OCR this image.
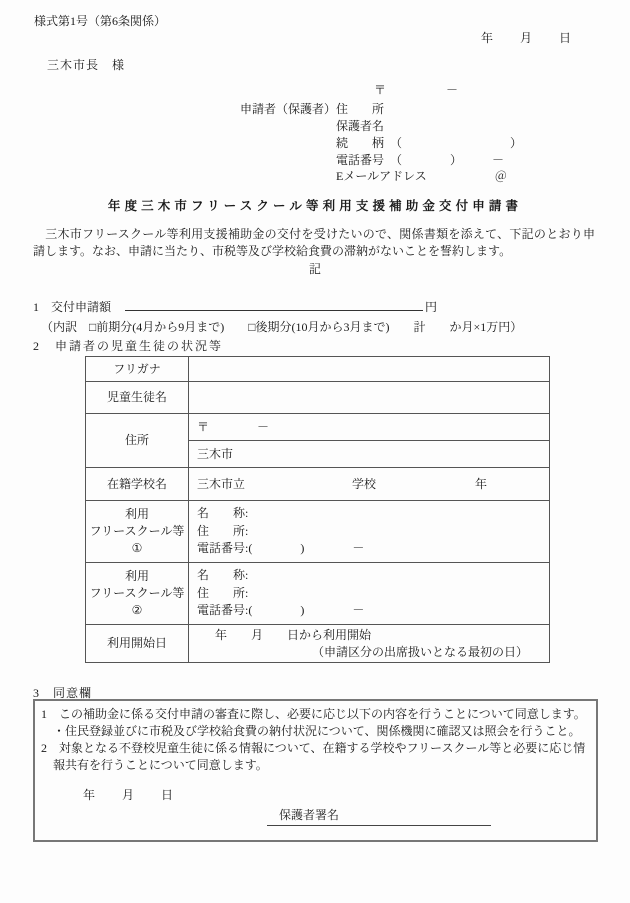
様式第1号（第6条関係）
年　　月　　日
三木市長　様
〒　　　　　－
申請者（保護者）住　　所
保護者名
続　　柄　（　　　　　　　　　）
電話番号　（　　　　）　　　－
Eメールアドレス	＠
年度三木市フリースクール等利用支援補助金交付申請書

　三木市フリースクール等利用支援補助金の交付を受けたいので、関係書類を添えて、下記のとおり申請します。なお、申請に当たり、市税等及び学校給食費の滞納がないことを誓約します。

記
1　交付申請額	円
（内訳　□前期分(4月から9月まで)　　□後期分(10月から3月まで)　　計　　か月×1万円）
2　申請者の児童生徒の状況等
フリガナ	
児童生徒名	
住所	〒　　　　－
	三木市
在籍学校名	三木市立 学校 年

利用
フリースクール等
①

名　　称:
住　　所:
電話番号:(　　　　)　　　　－

利用
フリースクール等
②

名　　称:
住　　所:
電話番号:(　　　　)　　　　－

利用開始日	年　　月　　日から利用開始
（申請区分の出席扱いとなる最初の日）
3　同意欄
1　この補助金に係る交付申請の審査に際し、必要に応じ以下の内容を行うことについて同意します。
・住民登録並びに市税及び学校給食費の納付状況について、関係機関に確認又は照会を行うこと。
2　対象となる不登校児童生徒に係る情報について、在籍する学校やフリースクール等と必要に応じ情報共有を行うことについて同意します。
年　　月　　日
保護者署名
